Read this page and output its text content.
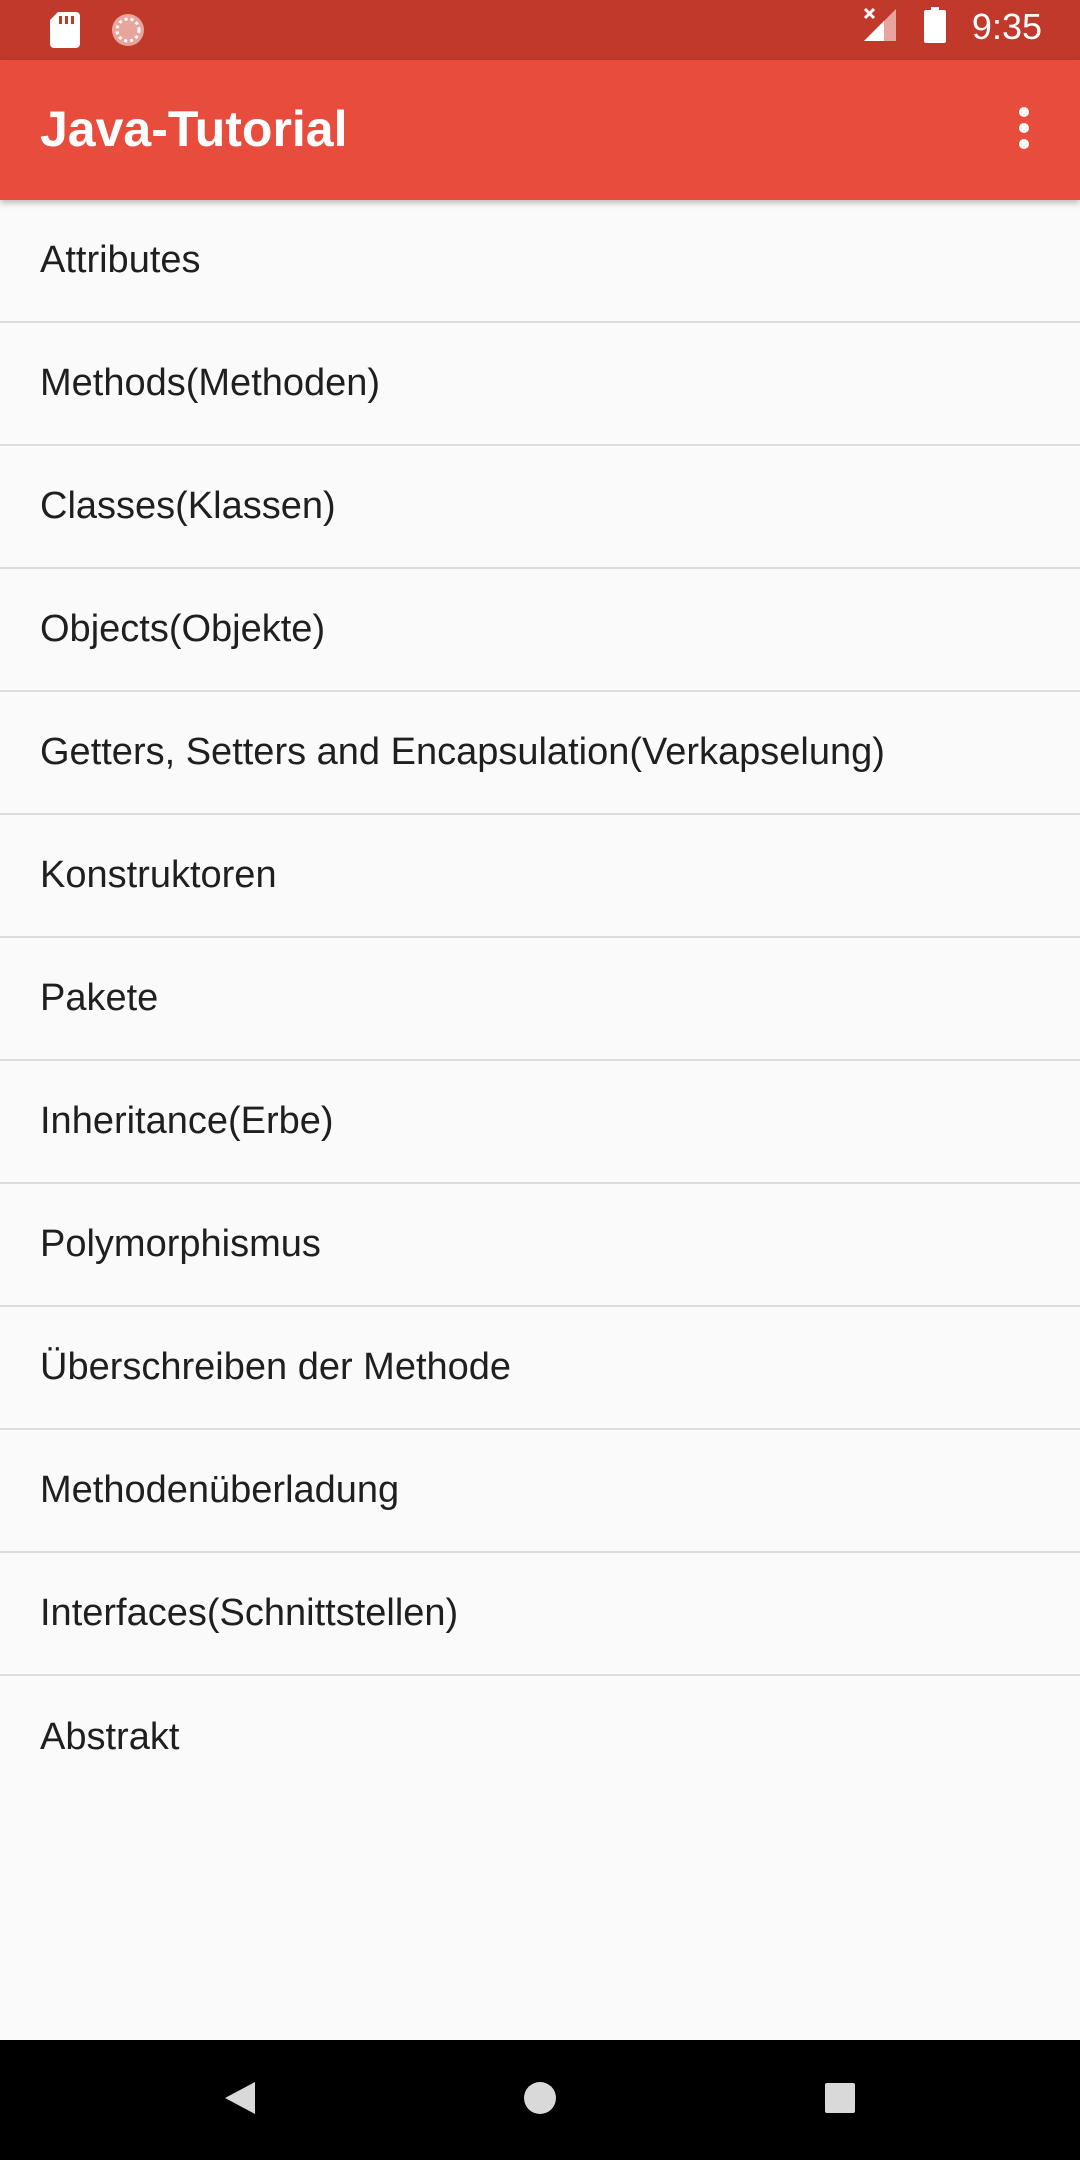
9:35
Java-Tutorial
Attributes
Methods(Methoden)
Classes(Klassen)
Objects(Objekte)
Getters, Setters and Encapsulation(Verkapselung)
Konstruktoren
Pakete
Inheritance(Erbe)
Polymorphismus
Überschreiben der Methode
Methodenüberladung
Interfaces(Schnittstellen)
Abstrakt
